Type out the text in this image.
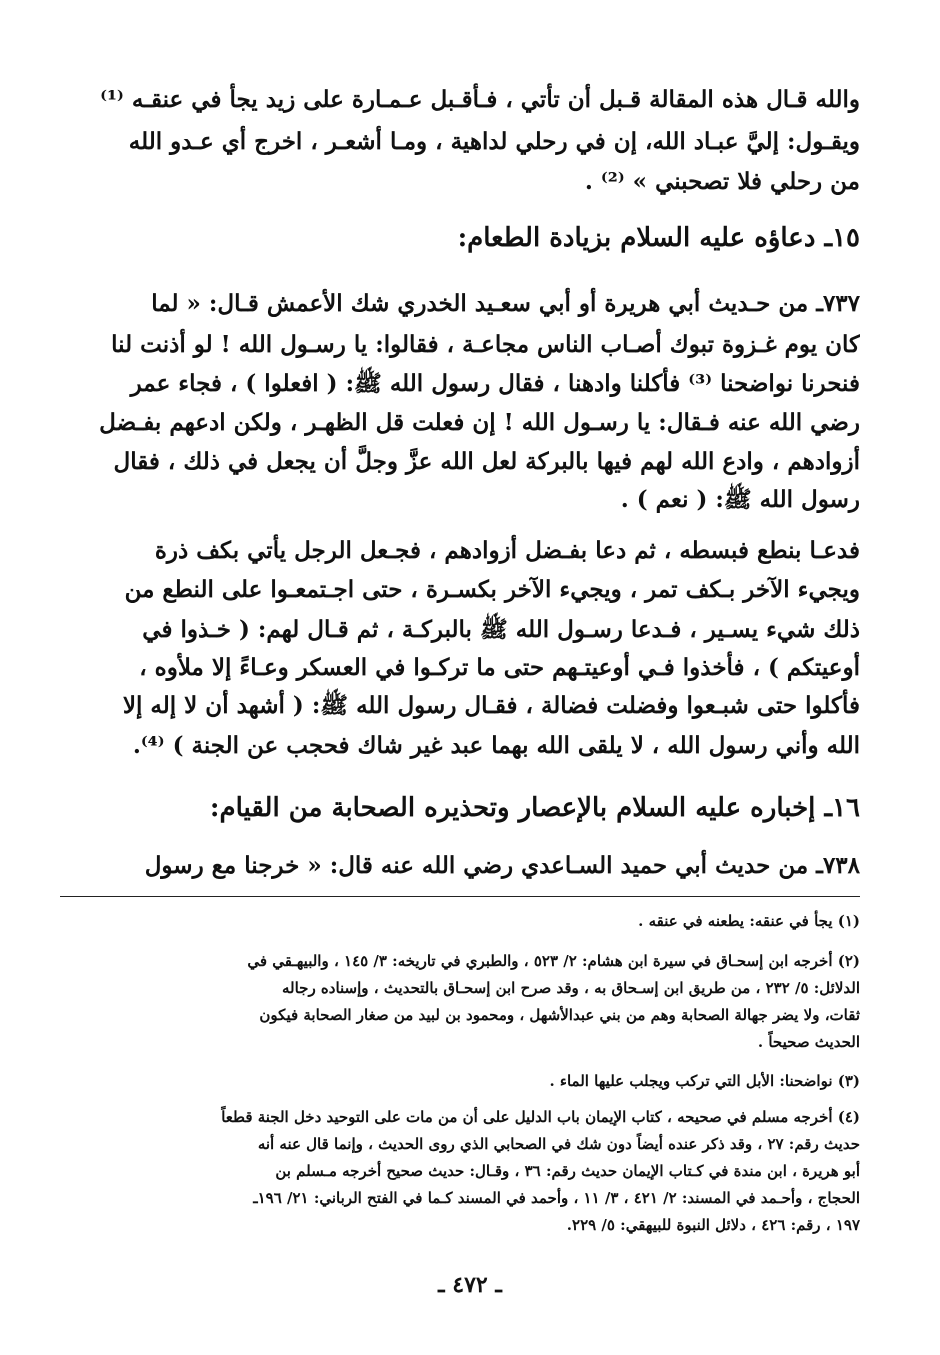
والله قـال هذه المقالة قـبل أن تأتي ، فـأقـبل عـمـارة على زيد يجأ في عنقـه ⁽¹⁾
ويقـول: إليَّ عبـاد الله، إن في رحلي لداهية ، ومـا أشعـر ، اخرج أي عـدو الله
من رحلي فلا تصحبني » ⁽²⁾ .
١٥ـ دعاؤه عليه السلام بزيادة الطعام:
٧٣٧ـ من حـديث أبي هريرة أو أبي سعـيد الخدري شك الأعمش قـال: « لما
كان يوم غـزوة تبوك أصـاب الناس مجاعـة ، فقالوا: يا رسـول الله ! لو أذنت لنا
فنحرنا نواضحنا ⁽³⁾ فأكلنا وادهنا ، فقال رسول الله ﷺ: ( افعلوا ) ، فجاء عمر
رضي الله عنه فـقال: يا رسـول الله ! إن فعلت قل الظهـر ، ولكن ادعهم بفـضل
أزوادهم ، وادع الله لهم فيها بالبركة لعل الله عزَّ وجلَّ أن يجعل في ذلك ، فقال
رسول الله ﷺ: ( نعم ) .
فدعـا بنطع فبسطه ، ثم دعا بفـضل أزوادهم ، فجـعل الرجل يأتي بكف ذرة
ويجيء الآخر بـكف تمر ، ويجيء الآخر بكسـرة ، حتى اجـتمعـوا على النطع من
ذلك شيء يسـير ، فـدعا رسـول الله ﷺ بالبركـة ، ثم قـال لهم: ( خـذوا في
أوعيتكم ) ، فأخذوا فـي أوعيتـهم حتى ما تركـوا في العسكر وعـاءً إلا ملأوه ،
فأكلوا حتى شبـعوا وفضلت فضالة ، فقـال رسول الله ﷺ: ( أشهد أن لا إله إلا
الله وأني رسول الله ، لا يلقى الله بهما عبد غير شاك فحجب عن الجنة ) ⁽⁴⁾.
١٦ـ إخباره عليه السلام بالإعصار وتحذيره الصحابة من القيام:
٧٣٨ـ من حديث أبي حميد السـاعدي رضي الله عنه قال: « خرجنا مع رسول
(١) يجأ في عنقه: يطعنه في عنقه .
(٢) أخرجه ابن إسحـاق في سيرة ابن هشام: ٢/ ٥٢٣ ، والطبري في تاريخه: ٣/ ١٤٥ ، والبيهـقي في
الدلائل: ٥/ ٢٣٢ ، من طريق ابن إسـحاق به ، وقد صرح ابن إسحـاق بالتحديث ، وإسناده رجاله
ثقات، ولا يضر جهالة الصحابة وهم من بني عبدالأشهل ، ومحمود بن لبيد من صغار الصحابة فيكون
الحديث صحيحاً .
(٣) نواضحنا: الأبل التي تركب ويجلب عليها الماء .
(٤) أخرجه مسلم في صحيحه ، كتاب الإيمان باب الدليل على أن من مات على التوحيد دخل الجنة قطعاً
حديث رقم: ٢٧ ، وقد ذكر عنده أيضاً دون شك في الصحابي الذي روى الحديث ، وإنما قال عنه أنه
أبو هريرة ، ابن مندة في كـتاب الإيمان حديث رقم: ٣٦ ، وقـال: حديث صحيح أخرجه مـسلم بن
الحجاج ، وأحـمد في المسند: ٢/ ٤٢١ ، ٣/ ١١ ، وأحمد في المسند كـما في الفتح الرباني: ٢١/ ١٩٦ـ
١٩٧ ، رقم: ٤٢٦ ، دلائل النبوة للبيهقي: ٥/ ٢٢٩.
ـ ٤٧٢ ـ
